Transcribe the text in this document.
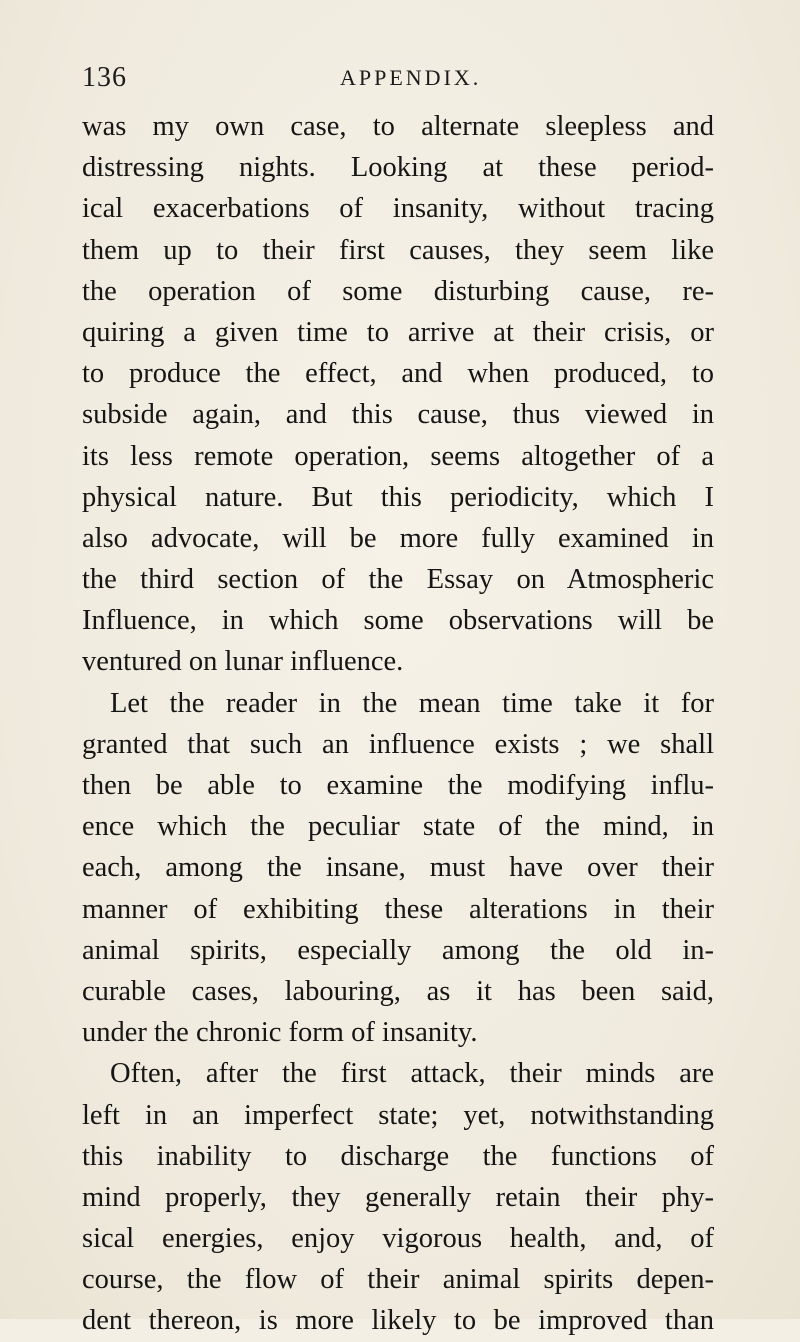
136	APPENDIX.
was my own case, to alternate sleepless and
distressing nights. Looking at these period-
ical exacerbations of insanity, without tracing
them up to their first causes, they seem like
the operation of some disturbing cause, re-
quiring a given time to arrive at their crisis, or
to produce the effect, and when produced, to
subside again, and this cause, thus viewed in
its less remote operation, seems altogether of a
physical nature. But this periodicity, which I
also advocate, will be more fully examined in
the third section of the Essay on Atmospheric
Influence, in which some observations will be
ventured on lunar influence.
Let the reader in the mean time take it for
granted that such an influence exists ; we shall
then be able to examine the modifying influ-
ence which the peculiar state of the mind, in
each, among the insane, must have over their
manner of exhibiting these alterations in their
animal spirits, especially among the old in-
curable cases, labouring, as it has been said,
under the chronic form of insanity.
Often, after the first attack, their minds are
left in an imperfect state; yet, notwithstanding
this inability to discharge the functions of
mind properly, they generally retain their phy-
sical energies, enjoy vigorous health, and, of
course, the flow of their animal spirits depen-
dent thereon, is more likely to be improved than
